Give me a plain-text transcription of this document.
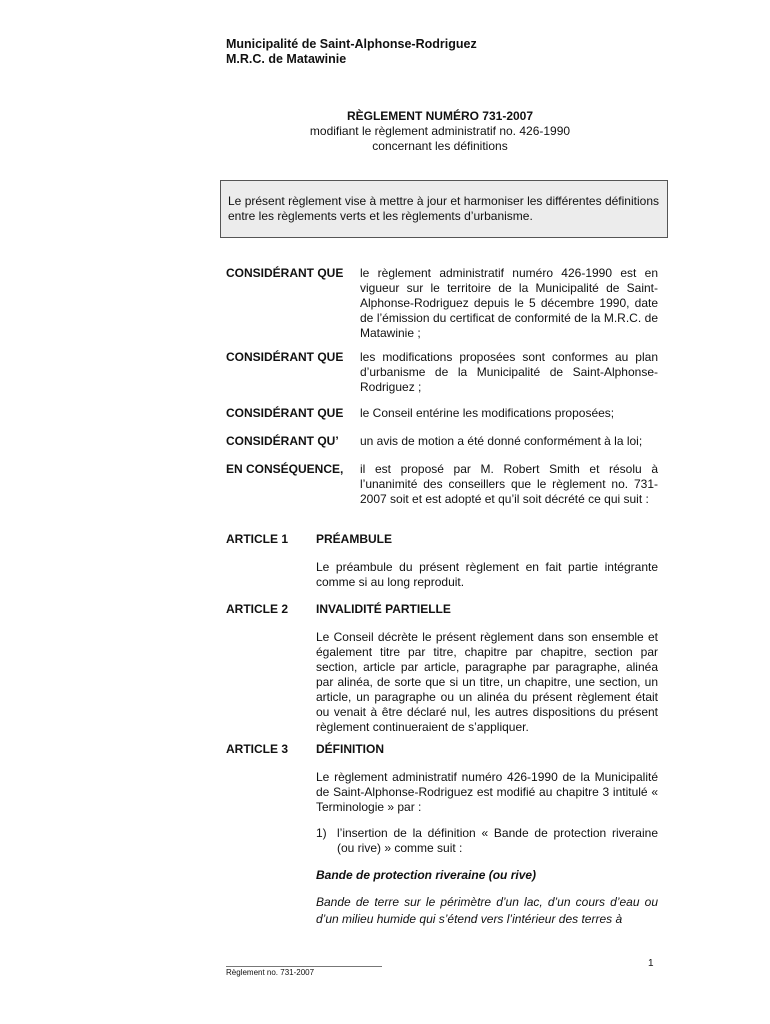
Municipalité de Saint-Alphonse-Rodriguez
M.R.C. de Matawinie
RÈGLEMENT NUMÉRO 731-2007
modifiant le règlement administratif no. 426-1990
concernant les définitions
Le présent règlement vise à mettre à jour et harmoniser les différentes définitions entre les règlements verts et les règlements d’urbanisme.
CONSIDÉRANT QUE le règlement administratif numéro 426-1990 est en vigueur sur le territoire de la Municipalité de Saint-Alphonse-Rodriguez depuis le 5 décembre 1990, date de l’émission du certificat de conformité de la M.R.C. de Matawinie ;
CONSIDÉRANT QUE les modifications proposées sont conformes au plan d’urbanisme de la Municipalité de Saint-Alphonse-Rodriguez ;
CONSIDÉRANT QUE le Conseil entérine les modifications proposées;
CONSIDÉRANT QU’ un avis de motion a été donné conformément à la loi;
EN CONSÉQUENCE, il est proposé par M. Robert Smith et résolu à l’unanimité des conseillers que le règlement no. 731-2007 soit et est adopté et qu’il soit décrété ce qui suit :
ARTICLE 1 PRÉAMBULE
Le préambule du présent règlement en fait partie intégrante comme si au long reproduit.
ARTICLE 2 INVALIDITÉ PARTIELLE
Le Conseil décrète le présent règlement dans son ensemble et également titre par titre, chapitre par chapitre, section par section, article par article, paragraphe par paragraphe, alinéa par alinéa, de sorte que si un titre, un chapitre, une section, un article, un paragraphe ou un alinéa du présent règlement était ou venait à être déclaré nul, les autres dispositions du présent règlement continueraient de s’appliquer.
ARTICLE 3 DÉFINITION
Le règlement administratif numéro 426-1990 de la Municipalité de Saint-Alphonse-Rodriguez est modifié au chapitre 3 intitulé « Terminologie » par :
1) l’insertion de la définition « Bande de protection riveraine (ou rive) » comme suit :
Bande de protection riveraine (ou rive)
Bande de terre sur le périmètre d’un lac, d’un cours d’eau ou d’un milieu humide qui s’étend vers l’intérieur des terres à
1
Règlement no. 731-2007
